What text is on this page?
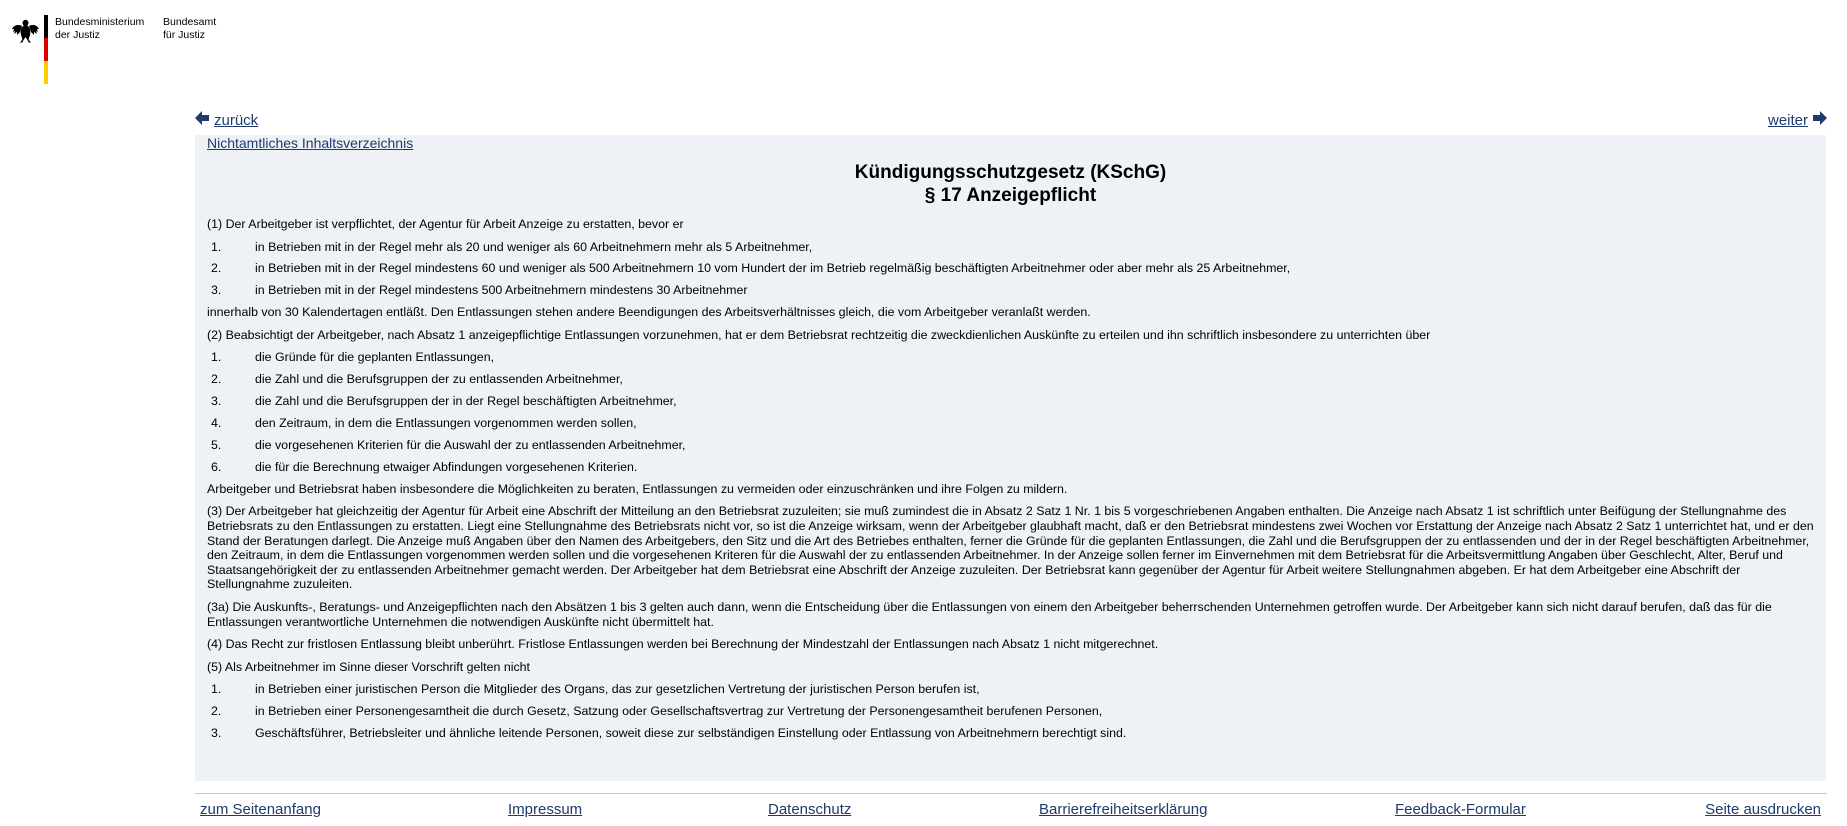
Bundesministerium
der Justiz
Bundesamt
für Justiz
zurück	weiter
Nichtamtliches Inhaltsverzeichnis
Kündigungsschutzgesetz (KSchG)
§ 17 Anzeigepflicht
(1) Der Arbeitgeber ist verpflichtet, der Agentur für Arbeit Anzeige zu erstatten, bevor er
1.	in Betrieben mit in der Regel mehr als 20 und weniger als 60 Arbeitnehmern mehr als 5 Arbeitnehmer,
2.	in Betrieben mit in der Regel mindestens 60 und weniger als 500 Arbeitnehmern 10 vom Hundert der im Betrieb regelmäßig beschäftigten Arbeitnehmer oder aber mehr als 25 Arbeitnehmer,
3.	in Betrieben mit in der Regel mindestens 500 Arbeitnehmern mindestens 30 Arbeitnehmer
innerhalb von 30 Kalendertagen entläßt. Den Entlassungen stehen andere Beendigungen des Arbeitsverhältnisses gleich, die vom Arbeitgeber veranlaßt werden.
(2) Beabsichtigt der Arbeitgeber, nach Absatz 1 anzeigepflichtige Entlassungen vorzunehmen, hat er dem Betriebsrat rechtzeitig die zweckdienlichen Auskünfte zu erteilen und ihn schriftlich insbesondere zu unterrichten über
1.	die Gründe für die geplanten Entlassungen,
2.	die Zahl und die Berufsgruppen der zu entlassenden Arbeitnehmer,
3.	die Zahl und die Berufsgruppen der in der Regel beschäftigten Arbeitnehmer,
4.	den Zeitraum, in dem die Entlassungen vorgenommen werden sollen,
5.	die vorgesehenen Kriterien für die Auswahl der zu entlassenden Arbeitnehmer,
6.	die für die Berechnung etwaiger Abfindungen vorgesehenen Kriterien.
Arbeitgeber und Betriebsrat haben insbesondere die Möglichkeiten zu beraten, Entlassungen zu vermeiden oder einzuschränken und ihre Folgen zu mildern.
(3) Der Arbeitgeber hat gleichzeitig der Agentur für Arbeit eine Abschrift der Mitteilung an den Betriebsrat zuzuleiten; sie muß zumindest die in Absatz 2 Satz 1 Nr. 1 bis 5 vorgeschriebenen Angaben enthalten. Die Anzeige nach Absatz 1 ist schriftlich unter Beifügung der Stellungnahme des Betriebsrats zu den Entlassungen zu erstatten. Liegt eine Stellungnahme des Betriebsrats nicht vor, so ist die Anzeige wirksam, wenn der Arbeitgeber glaubhaft macht, daß er den Betriebsrat mindestens zwei Wochen vor Erstattung der Anzeige nach Absatz 2 Satz 1 unterrichtet hat, und er den Stand der Beratungen darlegt. Die Anzeige muß Angaben über den Namen des Arbeitgebers, den Sitz und die Art des Betriebes enthalten, ferner die Gründe für die geplanten Entlassungen, die Zahl und die Berufsgruppen der zu entlassenden und der in der Regel beschäftigten Arbeitnehmer, den Zeitraum, in dem die Entlassungen vorgenommen werden sollen und die vorgesehenen Kriteren für die Auswahl der zu entlassenden Arbeitnehmer. In der Anzeige sollen ferner im Einvernehmen mit dem Betriebsrat für die Arbeitsvermittlung Angaben über Geschlecht, Alter, Beruf und Staatsangehörigkeit der zu entlassenden Arbeitnehmer gemacht werden. Der Arbeitgeber hat dem Betriebsrat eine Abschrift der Anzeige zuzuleiten. Der Betriebsrat kann gegenüber der Agentur für Arbeit weitere Stellungnahmen abgeben. Er hat dem Arbeitgeber eine Abschrift der Stellungnahme zuzuleiten.
(3a) Die Auskunfts-, Beratungs- und Anzeigepflichten nach den Absätzen 1 bis 3 gelten auch dann, wenn die Entscheidung über die Entlassungen von einem den Arbeitgeber beherrschenden Unternehmen getroffen wurde. Der Arbeitgeber kann sich nicht darauf berufen, daß das für die Entlassungen verantwortliche Unternehmen die notwendigen Auskünfte nicht übermittelt hat.
(4) Das Recht zur fristlosen Entlassung bleibt unberührt. Fristlose Entlassungen werden bei Berechnung der Mindestzahl der Entlassungen nach Absatz 1 nicht mitgerechnet.
(5) Als Arbeitnehmer im Sinne dieser Vorschrift gelten nicht
1.	in Betrieben einer juristischen Person die Mitglieder des Organs, das zur gesetzlichen Vertretung der juristischen Person berufen ist,
2.	in Betrieben einer Personengesamtheit die durch Gesetz, Satzung oder Gesellschaftsvertrag zur Vertretung der Personengesamtheit berufenen Personen,
3.	Geschäftsführer, Betriebsleiter und ähnliche leitende Personen, soweit diese zur selbständigen Einstellung oder Entlassung von Arbeitnehmern berechtigt sind.
zum Seitenanfang	Impressum	Datenschutz	Barrierefreiheitserklärung	Feedback-Formular	Seite ausdrucken
